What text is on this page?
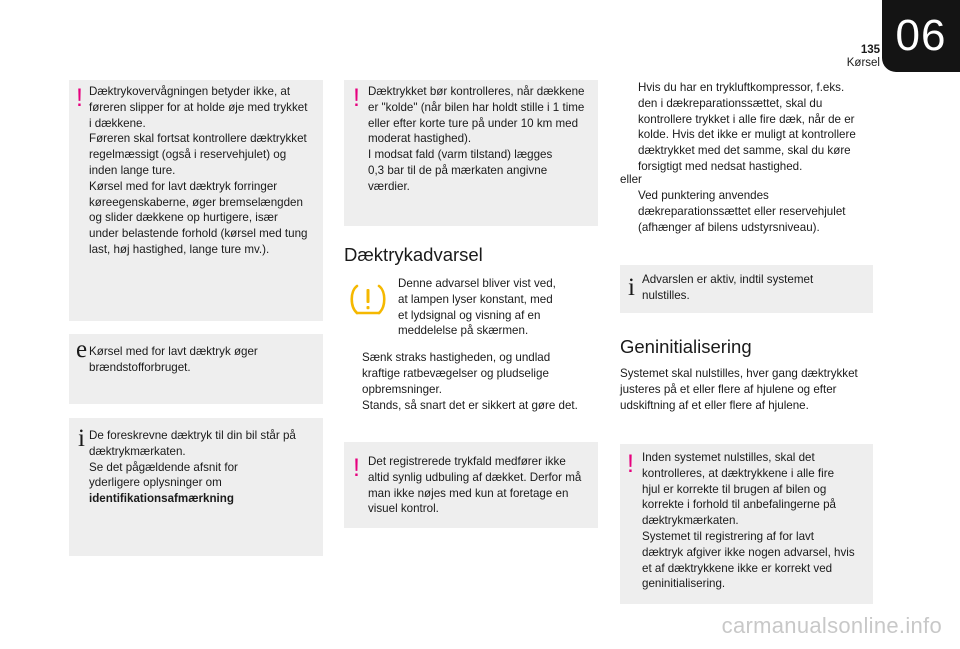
135
Kørsel
06
! Dæktrykovervågningen betyder ikke, at
føreren slipper for at holde øje med trykket
i dækkene.
Føreren skal fortsat kontrollere dæktrykket
regelmæssigt (også i reservehjulet) og
inden lange ture.
Kørsel med for lavt dæktryk forringer
køreegenskaberne, øger bremselængden
og slider dækkene op hurtigere, især
under belastende forhold (kørsel med tung
last, høj hastighed, lange ture mv.).

e Kørsel med for lavt dæktryk øger
brændstofforbruget.

i De foreskrevne dæktryk til din bil står på
dæktrykmærkaten.
Se det pågældende afsnit for
yderligere oplysninger om

identifikationsafmærkning

! Dæktrykket bør kontrolleres, når dækkene
er "kolde" (når bilen har holdt stille i 1 time
eller efter korte ture på under 10 km med
moderat hastighed).
I modsat fald (varm tilstand) lægges
0,3 bar til de på mærkaten angivne
værdier.

Dæktrykadvarsel

Denne advarsel bliver vist ved,
at lampen lyser konstant, med
et lydsignal og visning af en
meddelelse på skærmen.

Sænk straks hastigheden, og undlad
kraftige ratbevægelser og pludselige
opbremsninger.

Stands, så snart det er sikkert at gøre det.

! Det registrerede trykfald medfører ikke
altid synlig udbuling af dækket. Derfor må
man ikke nøjes med kun at foretage en
visuel kontrol.

Hvis du har en trykluftkompressor, f.eks.
den i dækreparationssættet, skal du
kontrollere trykket i alle fire dæk, når de er
kolde. Hvis det ikke er muligt at kontrollere
dæktrykket med det samme, skal du køre
forsigtigt med nedsat hastighed.

eller

Ved punktering anvendes
dækreparationssættet eller reservehjulet
(afhænger af bilens udstyrsniveau).

i Advarslen er aktiv, indtil systemet
nulstilles.

Geninitialisering

Systemet skal nulstilles, hver gang dæktrykket
justeres på et eller flere af hjulene og efter
udskiftning af et eller flere af hjulene.

! Inden systemet nulstilles, skal det
kontrolleres, at dæktrykkene i alle fire
hjul er korrekte til brugen af bilen og
korrekte i forhold til anbefalingerne på
dæktrykmærkaten.
Systemet til registrering af for lavt
dæktryk afgiver ikke nogen advarsel, hvis
et af dæktrykkene ikke er korrekt ved
geninitialisering.

carmanualsonline.info
